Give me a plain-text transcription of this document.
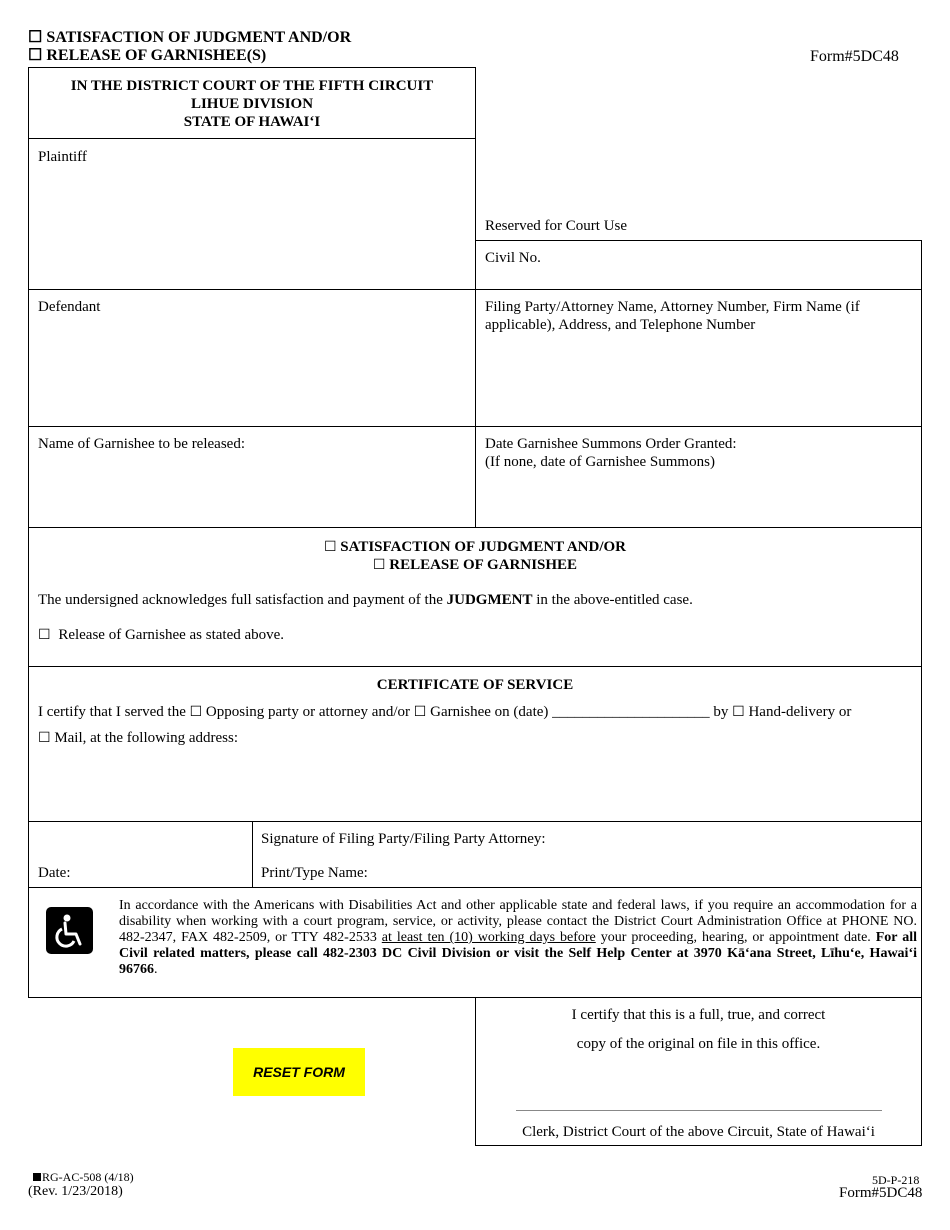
☐ SATISFACTION OF JUDGMENT AND/OR
☐ RELEASE OF GARNISHEE(S)	Form#5DC48
IN THE DISTRICT COURT OF THE FIFTH CIRCUIT
LIHUE DIVISION
STATE OF HAWAI‘I
Plaintiff
Reserved for Court Use
Civil No.
Defendant	Filing Party/Attorney Name, Attorney Number, Firm Name (if
applicable), Address, and Telephone Number
Name of Garnishee to be released:	Date Garnishee Summons Order Granted:
(If none, date of Garnishee Summons)
☐ SATISFACTION OF JUDGMENT AND/OR
☐ RELEASE OF GARNISHEE
The undersigned acknowledges full satisfaction and payment of the JUDGMENT in the above-entitled case.
☐ Release of Garnishee as stated above.
CERTIFICATE OF SERVICE
I certify that I served the ☐ Opposing party or attorney and/or ☐ Garnishee on (date) _____________________ by ☐ Hand-delivery or
☐ Mail, at the following address:
Date:
Signature of Filing Party/Filing Party Attorney:
Print/Type Name:
In accordance with the Americans with Disabilities Act and other applicable state and federal laws, if you require an accommodation for a disability when working with a court program, service, or activity, please contact the District Court Administration Office at PHONE NO. 482-2347, FAX 482-2509, or TTY 482-2533 at least ten (10) working days before your proceeding, hearing, or appointment date. For all Civil related matters, please call 482-2303 DC Civil Division or visit the Self Help Center at 3970 Kāʻana Street, Līhuʻe, Hawaiʻi 96766.
RESET FORM
I certify that this is a full, true, and correct
copy of the original on file in this office.
Clerk, District Court of the above Circuit, State of Hawai‘i
RG-AC-508 (4/18)
(Rev. 1/23/2018)
5D-P-218
Form#5DC48
